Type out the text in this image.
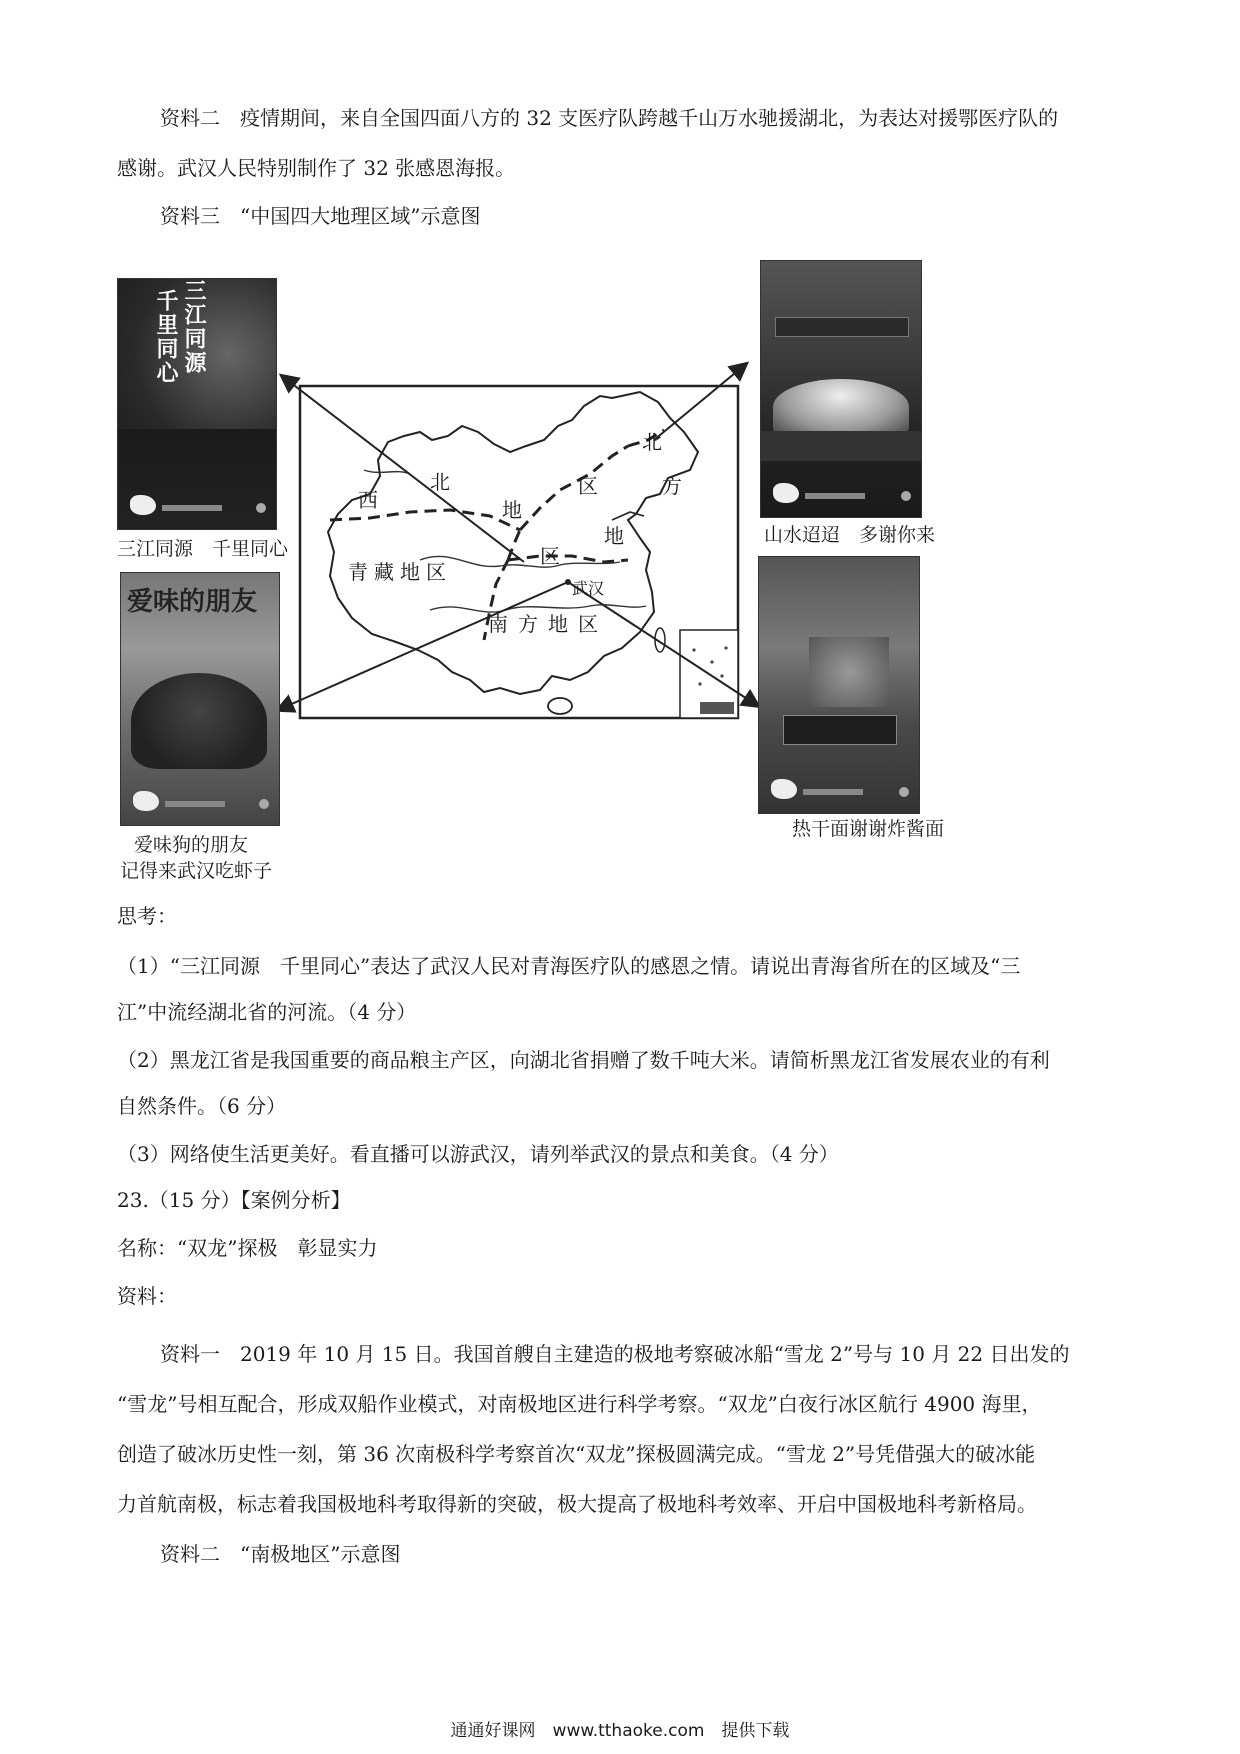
资料二　疫情期间，来自全国四面八方的 32 支医疗队跨越千山万水驰援湖北，为表达对援鄂医疗队的
感谢。武汉人民特别制作了 32 张感恩海报。
资料三　“中国四大地理区域”示意图
西
北
地
区
北
方
地
区
青藏地区
武汉
南方地区
千里同心 三江同源
三江同源　千里同心
山水迢迢　多谢你来
爱味的朋友
爱味狗的朋友
记得来武汉吃虾子
热干面谢谢炸酱面
思考：
（1）“三江同源　千里同心”表达了武汉人民对青海医疗队的感恩之情。请说出青海省所在的区域及“三
江”中流经湖北省的河流。（4 分）
（2）黑龙江省是我国重要的商品粮主产区，向湖北省捐赠了数千吨大米。请简析黑龙江省发展农业的有利
自然条件。（6 分）
（3）网络使生活更美好。看直播可以游武汉，请列举武汉的景点和美食。（4 分）
23.（15 分）【案例分析】
名称：“双龙”探极　彰显实力
资料：
资料一　2019 年 10 月 15 日。我国首艘自主建造的极地考察破冰船“雪龙 2”号与 10 月 22 日出发的
“雪龙”号相互配合，形成双船作业模式，对南极地区进行科学考察。“双龙”白夜行冰区航行 4900 海里，
创造了破冰历史性一刻，第 36 次南极科学考察首次“双龙”探极圆满完成。“雪龙 2”号凭借强大的破冰能
力首航南极，标志着我国极地科考取得新的突破，极大提高了极地科考效率、开启中国极地科考新格局。
资料二　“南极地区”示意图
通通好课网　www.tthaoke.com　提供下载
